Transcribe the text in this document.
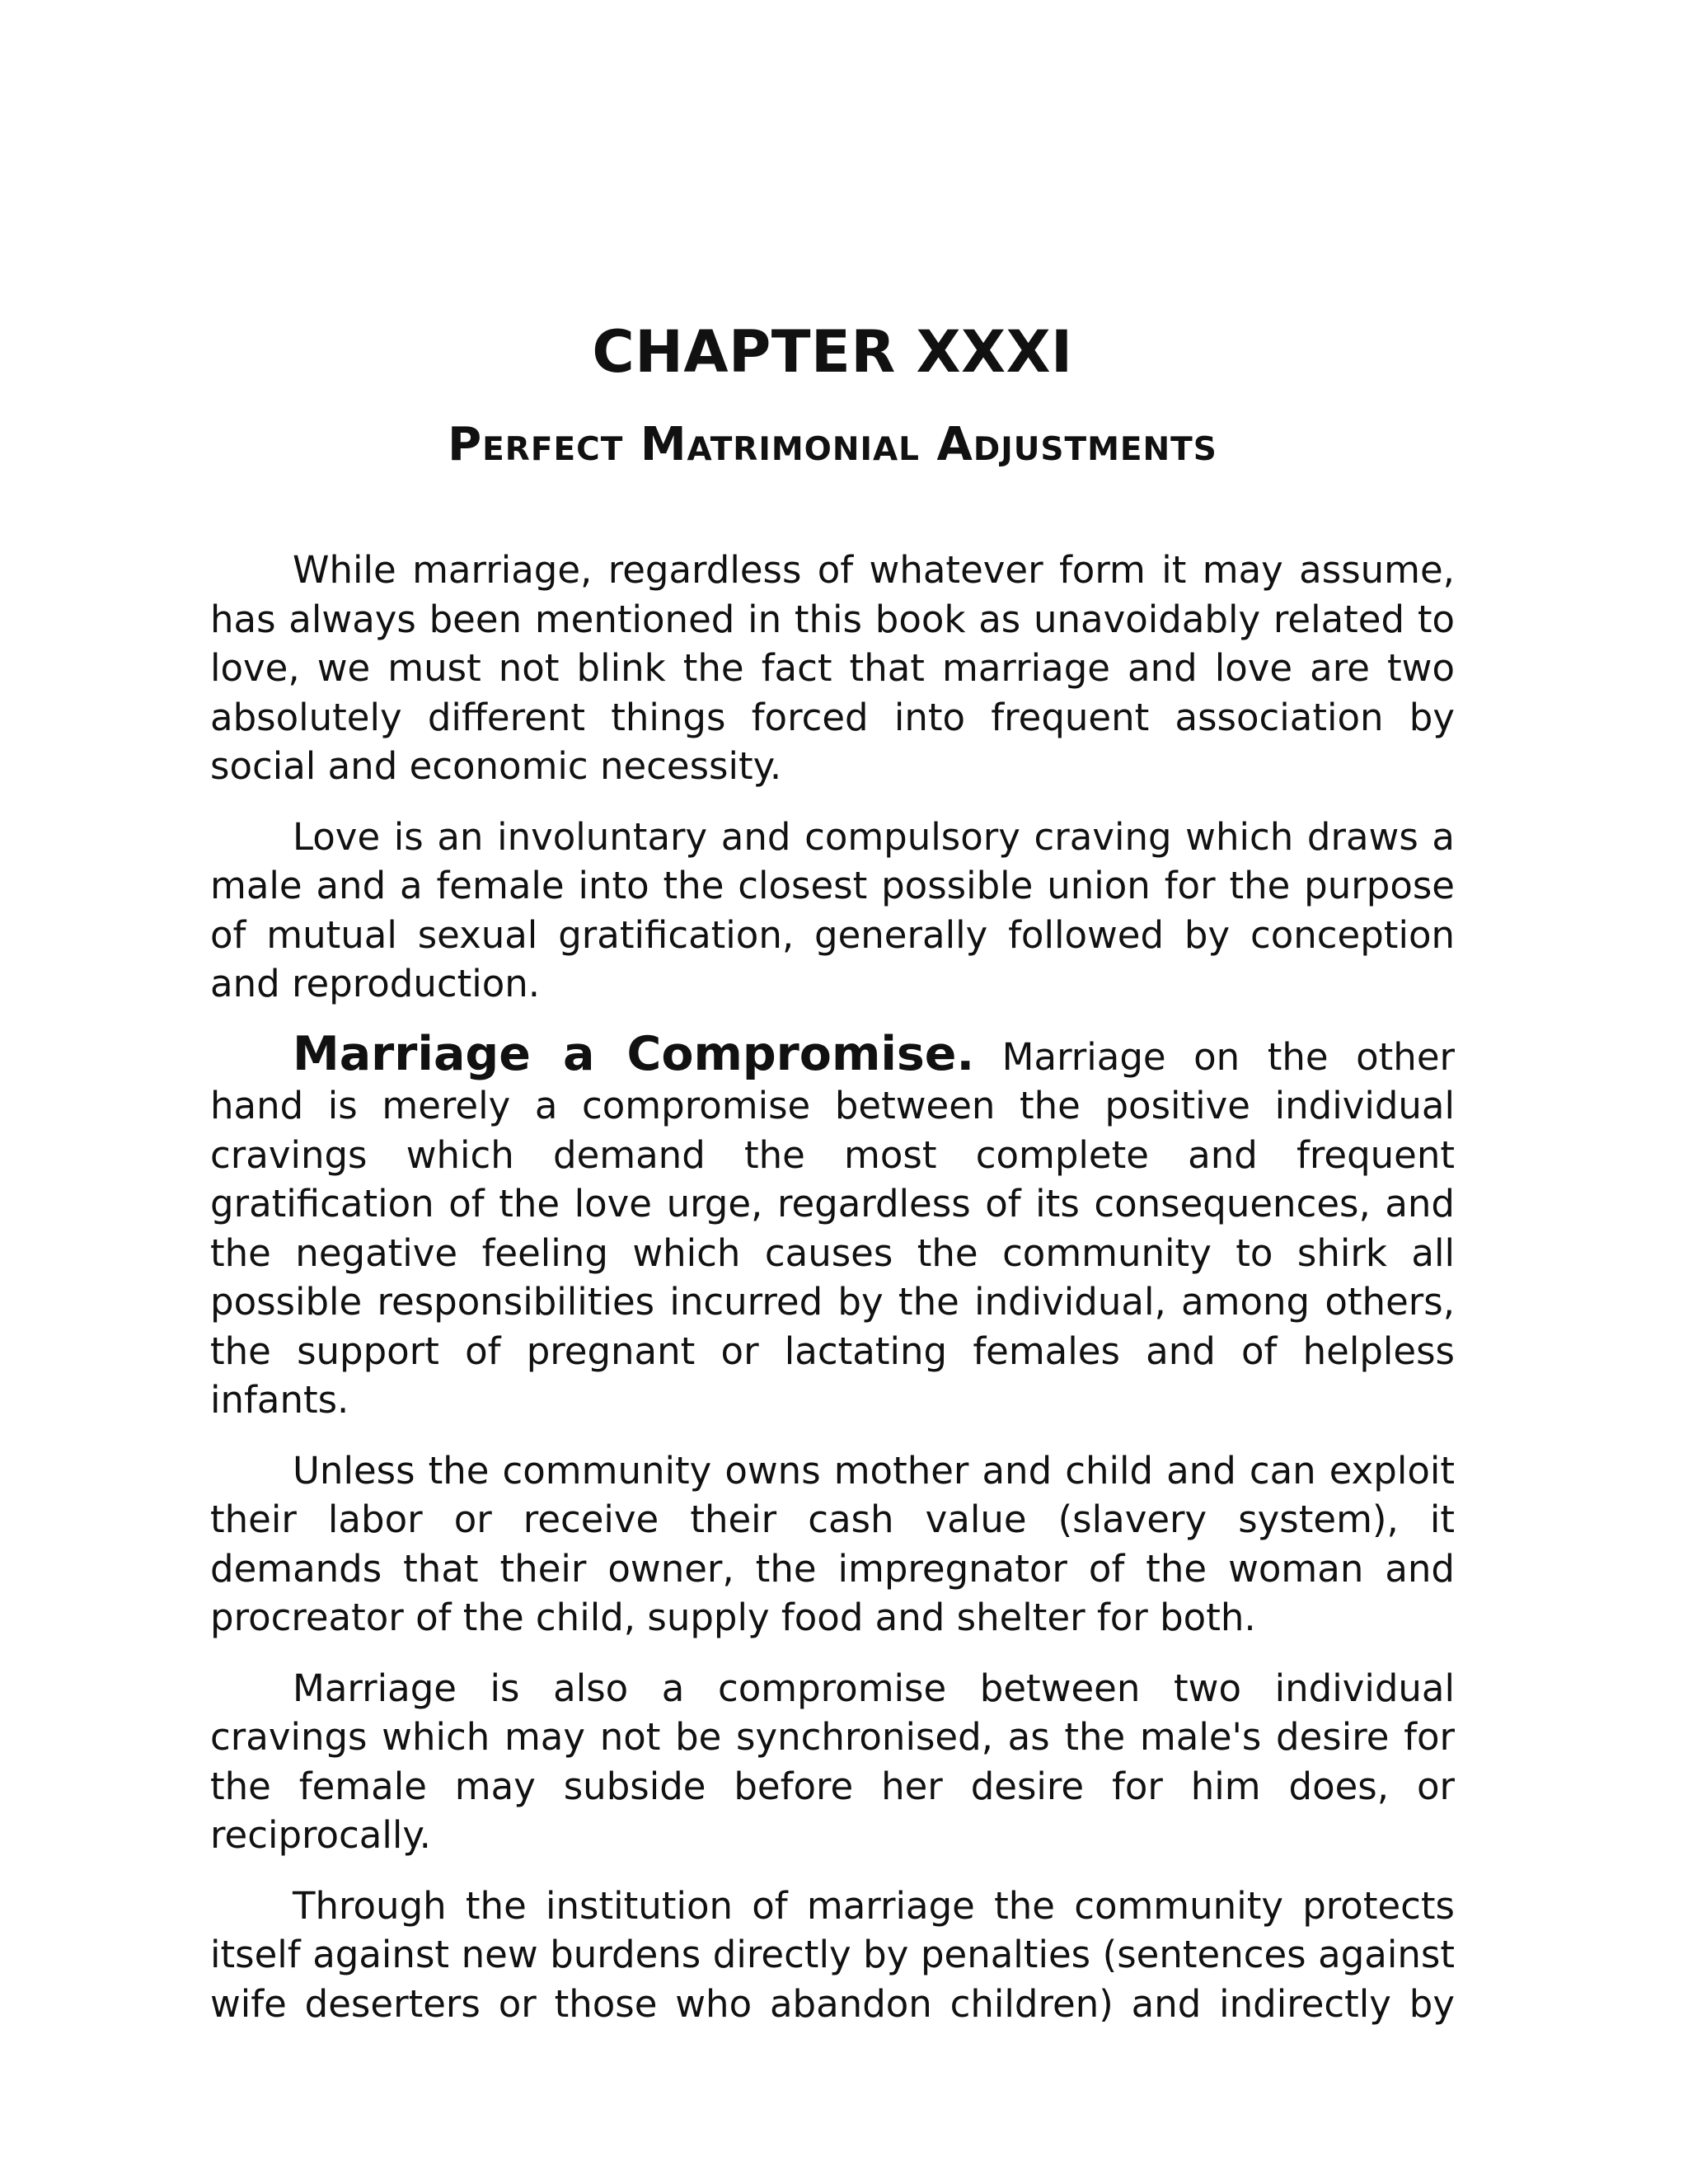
CHAPTER XXXI
Perfect Matrimonial Adjustments

While marriage, regardless of whatever form it may assume, has always been mentioned in this book as unavoidably related to love, we must not blink the fact that marriage and love are two absolutely different things forced into frequent association by social and economic necessity.

Love is an involuntary and compulsory craving which draws a male and a female into the closest possible union for the purpose of mutual sexual gratification, generally followed by conception and reproduction.

Marriage a Compromise. Marriage on the other hand is merely a compromise between the positive individual cravings which demand the most complete and frequent gratification of the love urge, regardless of its consequences, and the negative feeling which causes the community to shirk all possible responsibilities incurred by the individual, among others, the support of pregnant or lactating females and of helpless infants.

Unless the community owns mother and child and can exploit their labor or receive their cash value (slavery system), it demands that their owner, the impregnator of the woman and procreator of the child, supply food and shelter for both.

Marriage is also a compromise between two individual cravings which may not be synchronised, as the male's desire for the female may subside before her desire for him does, or reciprocally.

Through the institution of marriage the community protects itself against new burdens directly by penalties (sentences against wife deserters or those who abandon children) and indirectly by
